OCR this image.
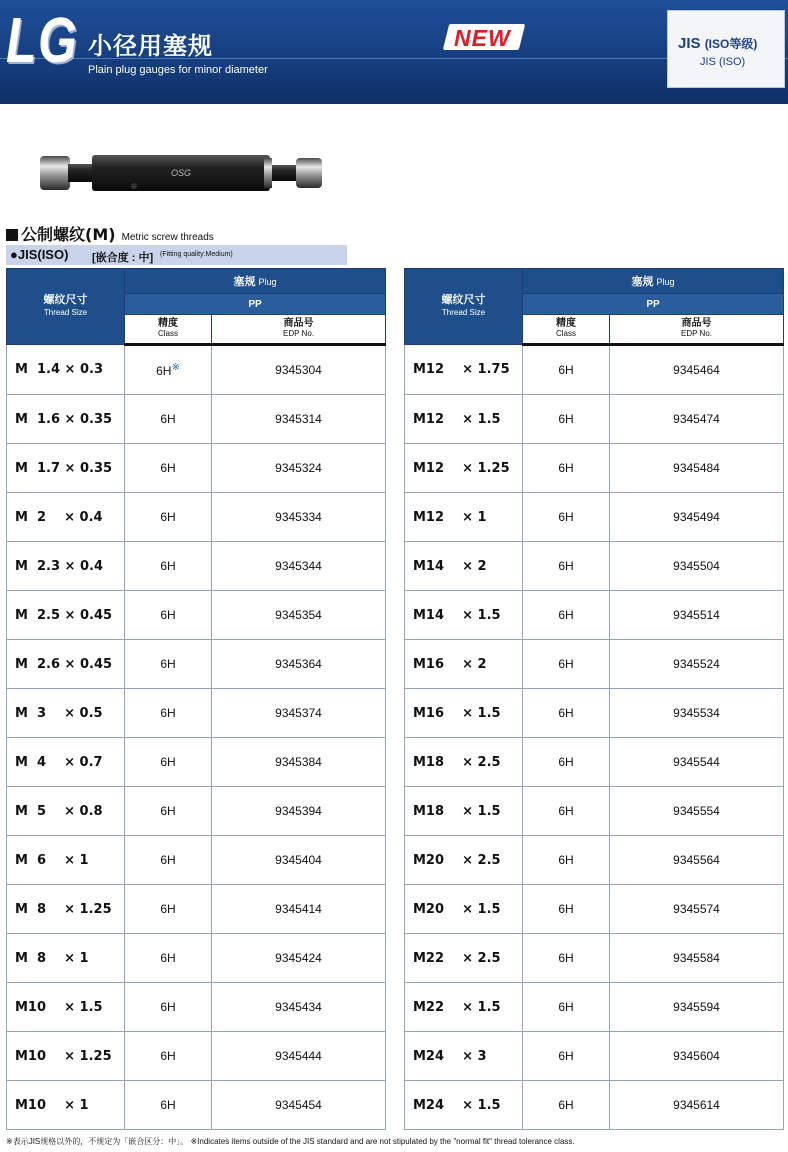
LG 小径用塞规
Plain plug gauges for minor diameter
NEW	JIS (ISO等级)
JIS (ISO)
OSG
公制螺纹(M) Metric screw threads
●JIS(ISO) [嵌合度 : 中] (Fitting quality:Medium)
螺纹尺寸
Thread Size	塞规 Plug	
	PP	
	精度
Class	商品号
EDP No.
M  1.4 × 0.3	6H※	9345304
M  1.6 × 0.35	6H	9345314
M  1.7 × 0.35	6H	9345324
M  2    × 0.4	6H	9345334
M  2.3 × 0.4	6H	9345344
M  2.5 × 0.45	6H	9345354
M  2.6 × 0.45	6H	9345364
M  3    × 0.5	6H	9345374
M  4    × 0.7	6H	9345384
M  5    × 0.8	6H	9345394
M  6    × 1	6H	9345404
M  8    × 1.25	6H	9345414
M  8    × 1	6H	9345424
M10    × 1.5	6H	9345434
M10    × 1.25	6H	9345444
M10    × 1	6H	9345454
螺纹尺寸
Thread Size	塞规 Plug	
	PP	
	精度
Class	商品号
EDP No.
M12    × 1.75	6H	9345464
M12    × 1.5	6H	9345474
M12    × 1.25	6H	9345484
M12    × 1	6H	9345494
M14    × 2	6H	9345504
M14    × 1.5	6H	9345514
M16    × 2	6H	9345524
M16    × 1.5	6H	9345534
M18    × 2.5	6H	9345544
M18    × 1.5	6H	9345554
M20    × 2.5	6H	9345564
M20    × 1.5	6H	9345574
M22    × 2.5	6H	9345584
M22    × 1.5	6H	9345594
M24    × 3	6H	9345604
M24    × 1.5	6H	9345614
※表示JIS规格以外的，不规定为「嵌合区分：中」。 ※Indicates items outside of the JIS standard and are not stipulated by the "normal fit" thread tolerance class.
